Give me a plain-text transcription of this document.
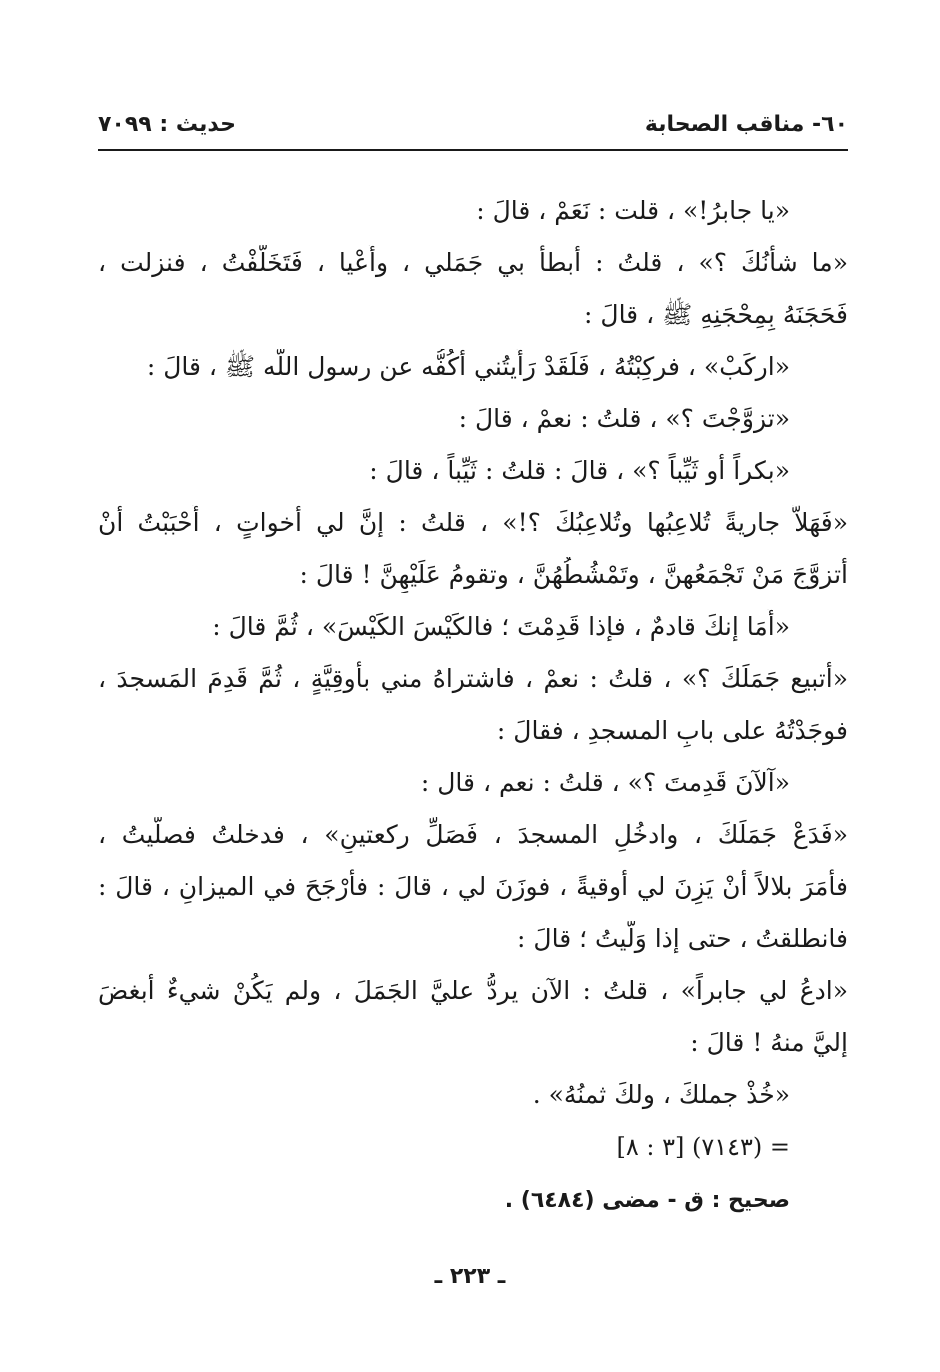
٦٠- مناقب الصحابة
حديث : ٧٠٩٩
«يا جابرُ!» ، قلت : نَعَمْ ، قالَ :
«ما شأنُكَ ؟» ، قلتُ : أبطأَ بي جَمَلي ، وأَعْيا ، فَتَخَلَّفْتُ ، فنزلت ،
فَحَجَنَهُ بِمِحْجَنِهِ ﷺ ، قالَ :
«اركَبْ» ، فركِبْتُهُ ، فَلَقَدْ رَأَيتُني أكُفُّه عن رسول اللّه ﷺ ، قالَ :
«تزوَّجْتَ ؟» ، قلتُ : نعمْ ، قالَ :
«بكراً أو ثَيِّباً ؟» ، قالَ : قلتُ : ثَيِّباً ، قالَ :
«فَهَلاَّ جاريةً تُلاعِبُها وتُلاعِبُكَ ؟!» ، قلتُ : إنَّ لي أخواتٍ ، أَحْبَبْتُ أنْ
أتزوَّجَ مَنْ تَجْمَعُهنَّ ، وتَمْشُطُهُنَّ ، وتقومُ عَلَيْهِنَّ ! قالَ :
«أَمَا إنكَ قادمٌ ، فإذا قَدِمْتَ ؛ فالكَيْسَ الكَيْسَ» ، ثُمَّ قالَ :
«أتبيع جَمَلَكَ ؟» ، قلتُ : نعمْ ، فاشتراهُ مني بأُوقِيَّةٍ ، ثُمَّ قَدِمَ المَسجدَ ،
فوجَدْتُهُ على بابِ المسجدِ ، فقالَ :
«آلآنَ قَدِمتَ ؟» ، قلتُ : نعم ، قال :
«فَدَعْ جَمَلَكَ ، وادخُلِ المسجدَ ، فَصَلِّ ركعتينِ» ، فدخلتُ فصلَّيتُ ،
فأَمَرَ بلالاً أنْ يَزِنَ لي أوقيةً ، فوزَنَ لي ، قالَ : فأَرْجَحَ في الميزانِ ، قالَ :
فانطلقتُ ، حتى إذا وَلَّيتُ ؛ قالَ :
«ادعُ لي جابراً» ، قلتُ : الآن يردُّ عليَّ الجَمَلَ ، ولم يَكُنْ شيءٌ أبغضَ
إليَّ منهُ ! قالَ :
«خُذْ جملكَ ، ولكَ ثمنُهُ» .
= (٧١٤٣) [٣ : ٨]
صحيح : ق - مضى (٦٤٨٤) .
ـ ٢٢٣ ـ
